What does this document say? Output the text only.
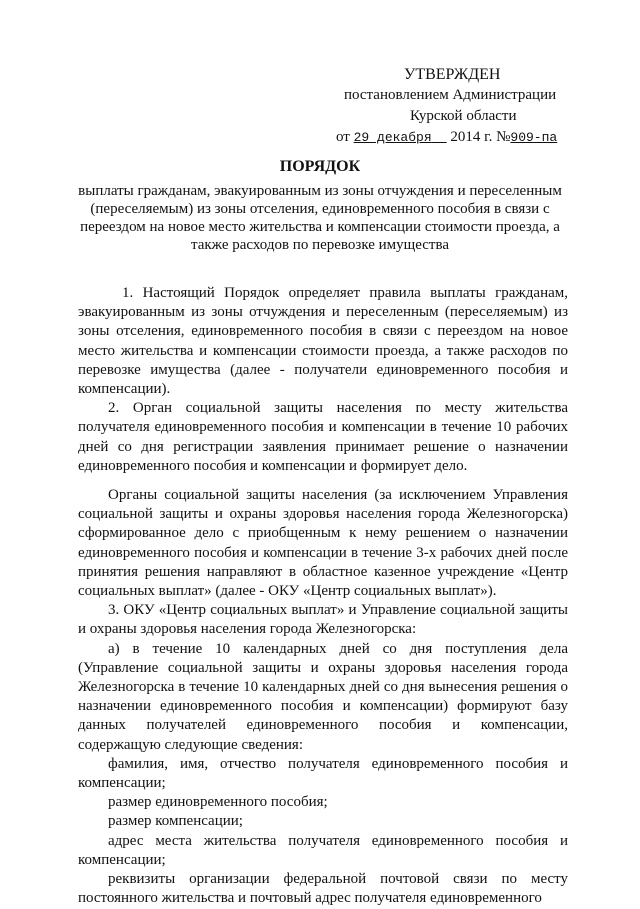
УТВЕРЖДЕН
постановлением Администрации
Курской области
от 29 декабря 2014 г. №909-па
ПОРЯДОК
выплаты гражданам, эвакуированным из зоны отчуждения и переселенным (переселяемым) из зоны отселения, единовременного пособия в связи с переездом на новое место жительства и компенсации стоимости проезда, а также расходов по перевозке имущества

1. Настоящий Порядок определяет правила выплаты гражданам, эвакуированным из зоны отчуждения и переселенным (переселяемым) из зоны отселения, единовременного пособия в связи с переездом на новое место жительства и компенсации стоимости проезда, а также расходов по перевозке имущества (далее - получатели единовременного пособия и компенсации).

2. Орган социальной защиты населения по месту жительства получателя единовременного пособия и компенсации в течение 10 рабочих дней со дня регистрации заявления принимает решение о назначении единовременного пособия и компенсации и формирует дело.

Органы социальной защиты населения (за исключением Управления социальной защиты и охраны здоровья населения города Железногорска) сформированное дело с приобщенным к нему решением о назначении единовременного пособия и компенсации в течение 3-х рабочих дней после принятия решения направляют в областное казенное учреждение «Центр социальных выплат» (далее - ОКУ «Центр социальных выплат»).

3. ОКУ «Центр социальных выплат» и Управление социальной защиты и охраны здоровья населения города Железногорска:

а) в течение 10 календарных дней со дня поступления дела (Управление социальной защиты и охраны здоровья населения города Железногорска в течение 10 календарных дней со дня вынесения решения о назначении единовременного пособия и компенсации) формируют базу данных получателей единовременного пособия и компенсации, содержащую следующие сведения:

фамилия, имя, отчество получателя единовременного пособия и компенсации;

размер единовременного пособия;

размер компенсации;

адрес места жительства получателя единовременного пособия и компенсации;

реквизиты организации федеральной почтовой связи по месту постоянного жительства и почтовый адрес получателя единовременного
